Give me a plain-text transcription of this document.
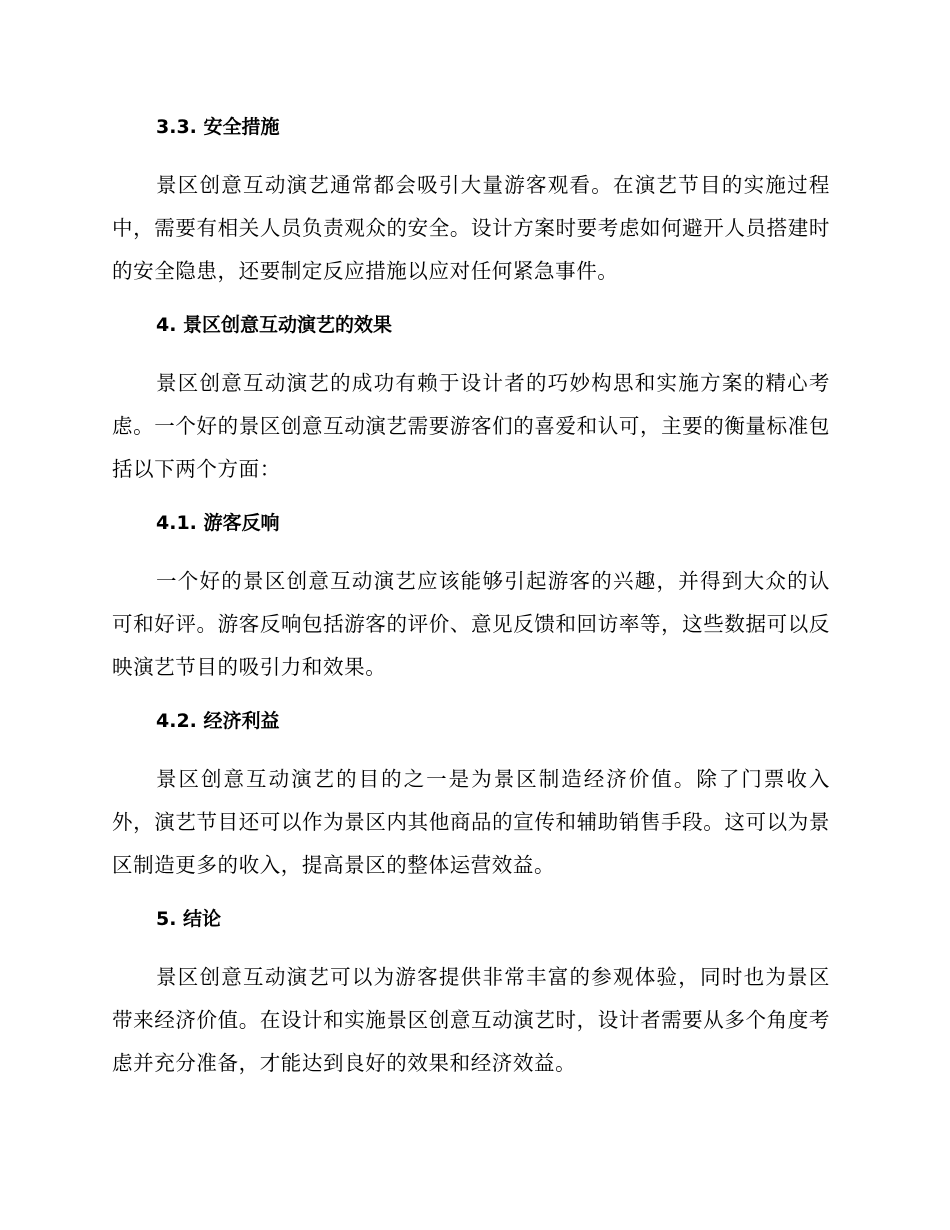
3.3. 安全措施

景区创意互动演艺通常都会吸引大量游客观看。在演艺节目的实施过程中，需要有相关人员负责观众的安全。设计方案时要考虑如何避开人员搭建时的安全隐患，还要制定反应措施以应对任何紧急事件。

4. 景区创意互动演艺的效果

景区创意互动演艺的成功有赖于设计者的巧妙构思和实施方案的精心考虑。一个好的景区创意互动演艺需要游客们的喜爱和认可，主要的衡量标准包括以下两个方面：

4.1. 游客反响

一个好的景区创意互动演艺应该能够引起游客的兴趣，并得到大众的认可和好评。游客反响包括游客的评价、意见反馈和回访率等，这些数据可以反映演艺节目的吸引力和效果。

4.2. 经济利益

景区创意互动演艺的目的之一是为景区制造经济价值。除了门票收入外，演艺节目还可以作为景区内其他商品的宣传和辅助销售手段。这可以为景区制造更多的收入，提高景区的整体运营效益。

5. 结论

景区创意互动演艺可以为游客提供非常丰富的参观体验，同时也为景区带来经济价值。在设计和实施景区创意互动演艺时，设计者需要从多个角度考虑并充分准备，才能达到良好的效果和经济效益。
